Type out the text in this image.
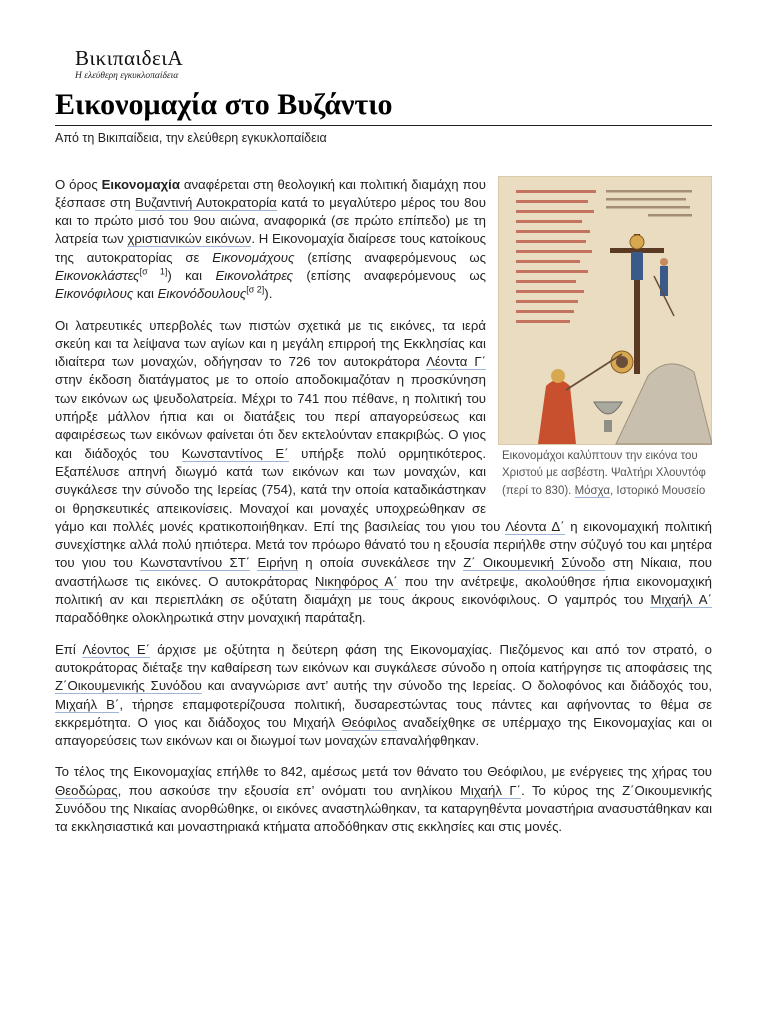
ΒικιπαιδειΑ
Η ελεύθερη εγκυκλοπαίδεια
Εικονομαχία στο Βυζάντιο
Από τη Βικιπαίδεια, την ελεύθερη εγκυκλοπαίδεια
Εικονομάχοι καλύπτουν την εικόνα του Χριστού με ασβέστη. Ψαλτήρι Χλουντόφ (περί το 830). Μόσχα, Ιστορικό Μουσείο

Ο όρος Εικονομαχία αναφέρεται στη θεολογική και πολιτική διαμάχη που ξέσπασε στη Βυζαντινή Αυτοκρατορία κατά το μεγαλύτερο μέρος του 8ου και το πρώτο μισό του 9ου αιώνα, αναφορικά (σε πρώτο επίπεδο) με τη λατρεία των χριστιανικών εικόνων. Η Εικονομαχία διαίρεσε τους κατοίκους της αυτοκρατορίας σε Εικονομάχους (επίσης αναφερόμενους ως Εικονοκλάστες[σ 1]) και Εικονολάτρες (επίσης αναφερόμενους ως Εικονόφιλους και Εικονόδουλους[σ 2]).

Οι λατρευτικές υπερβολές των πιστών σχετικά με τις εικόνες, τα ιερά σκεύη και τα λείψανα των αγίων και η μεγάλη επιρροή της Εκκλησίας και ιδιαίτερα των μοναχών, οδήγησαν το 726 τον αυτοκράτορα Λέοντα Γ΄ στην έκδοση διατάγματος με το οποίο αποδοκιμαζόταν η προσκύνηση των εικόνων ως ψευδολατρεία. Μέχρι το 741 που πέθανε, η πολιτική του υπήρξε μάλλον ήπια και οι διατάξεις του περί απαγορεύσεως και αφαιρέσεως των εικόνων φαίνεται ότι δεν εκτελούνταν επακριβώς. Ο γιος και διάδοχός του Κωνσταντίνος Ε΄ υπήρξε πολύ ορμητικότερος. Εξαπέλυσε απηνή διωγμό κατά των εικόνων και των μοναχών, και συγκάλεσε την σύνοδο της Ιερείας (754), κατά την οποία καταδικάστηκαν οι θρησκευτικές απεικονίσεις. Μοναχοί και μοναχές υποχρεώθηκαν σε γάμο και πολλές μονές κρατικοποιήθηκαν. Επί της βασιλείας του γιου του Λέοντα Δ΄ η εικονομαχική πολιτική συνεχίστηκε αλλά πολύ ηπιότερα. Μετά τον πρόωρο θάνατό του η εξουσία περιήλθε στην σύζυγό του και μητέρα του γιου του Κωνσταντίνου ΣΤ΄ Ειρήνη η οποία συνεκάλεσε την Ζ΄ Οικουμενική Σύνοδο στη Νίκαια, που αναστήλωσε τις εικόνες. Ο αυτοκράτορας Νικηφόρος Α΄ που την ανέτρεψε, ακολούθησε ήπια εικονομαχική πολιτική αν και περιεπλάκη σε οξύτατη διαμάχη με τους άκρους εικονόφιλους. Ο γαμπρός του Μιχαήλ Α΄ παραδόθηκε ολοκληρωτικά στην μοναχική παράταξη.

Επί Λέοντος Ε΄ άρχισε με οξύτητα η δεύτερη φάση της Εικονομαχίας. Πιεζόμενος και από τον στρατό, ο αυτοκράτορας διέταξε την καθαίρεση των εικόνων και συγκάλεσε σύνοδο η οποία κατήργησε τις αποφάσεις της Ζ΄Οικουμενικής Συνόδου και αναγνώρισε αντ’ αυτής την σύνοδο της Ιερείας. Ο δολοφόνος και διάδοχός του, Μιχαήλ Β΄, τήρησε επαμφοτερίζουσα πολιτική, δυσαρεστώντας τους πάντες και αφήνοντας το θέμα σε εκκρεμότητα. Ο γιος και διάδοχος του Μιχαήλ Θεόφιλος αναδείχθηκε σε υπέρμαχο της Εικονομαχίας και οι απαγορεύσεις των εικόνων και οι διωγμοί των μοναχών επαναλήφθηκαν.

Το τέλος της Εικονομαχίας επήλθε το 842, αμέσως μετά τον θάνατο του Θεόφιλου, με ενέργειες της χήρας του Θεοδώρας, που ασκούσε την εξουσία επ’ ονόματι του ανηλίκου Μιχαήλ Γ΄. Το κύρος της Ζ΄Οικουμενικής Συνόδου της Νικαίας ανορθώθηκε, οι εικόνες αναστηλώθηκαν, τα καταργηθέντα μοναστήρια ανασυστάθηκαν και τα εκκλησιαστικά και μοναστηριακά κτήματα αποδόθηκαν στις εκκλησίες και στις μονές.
